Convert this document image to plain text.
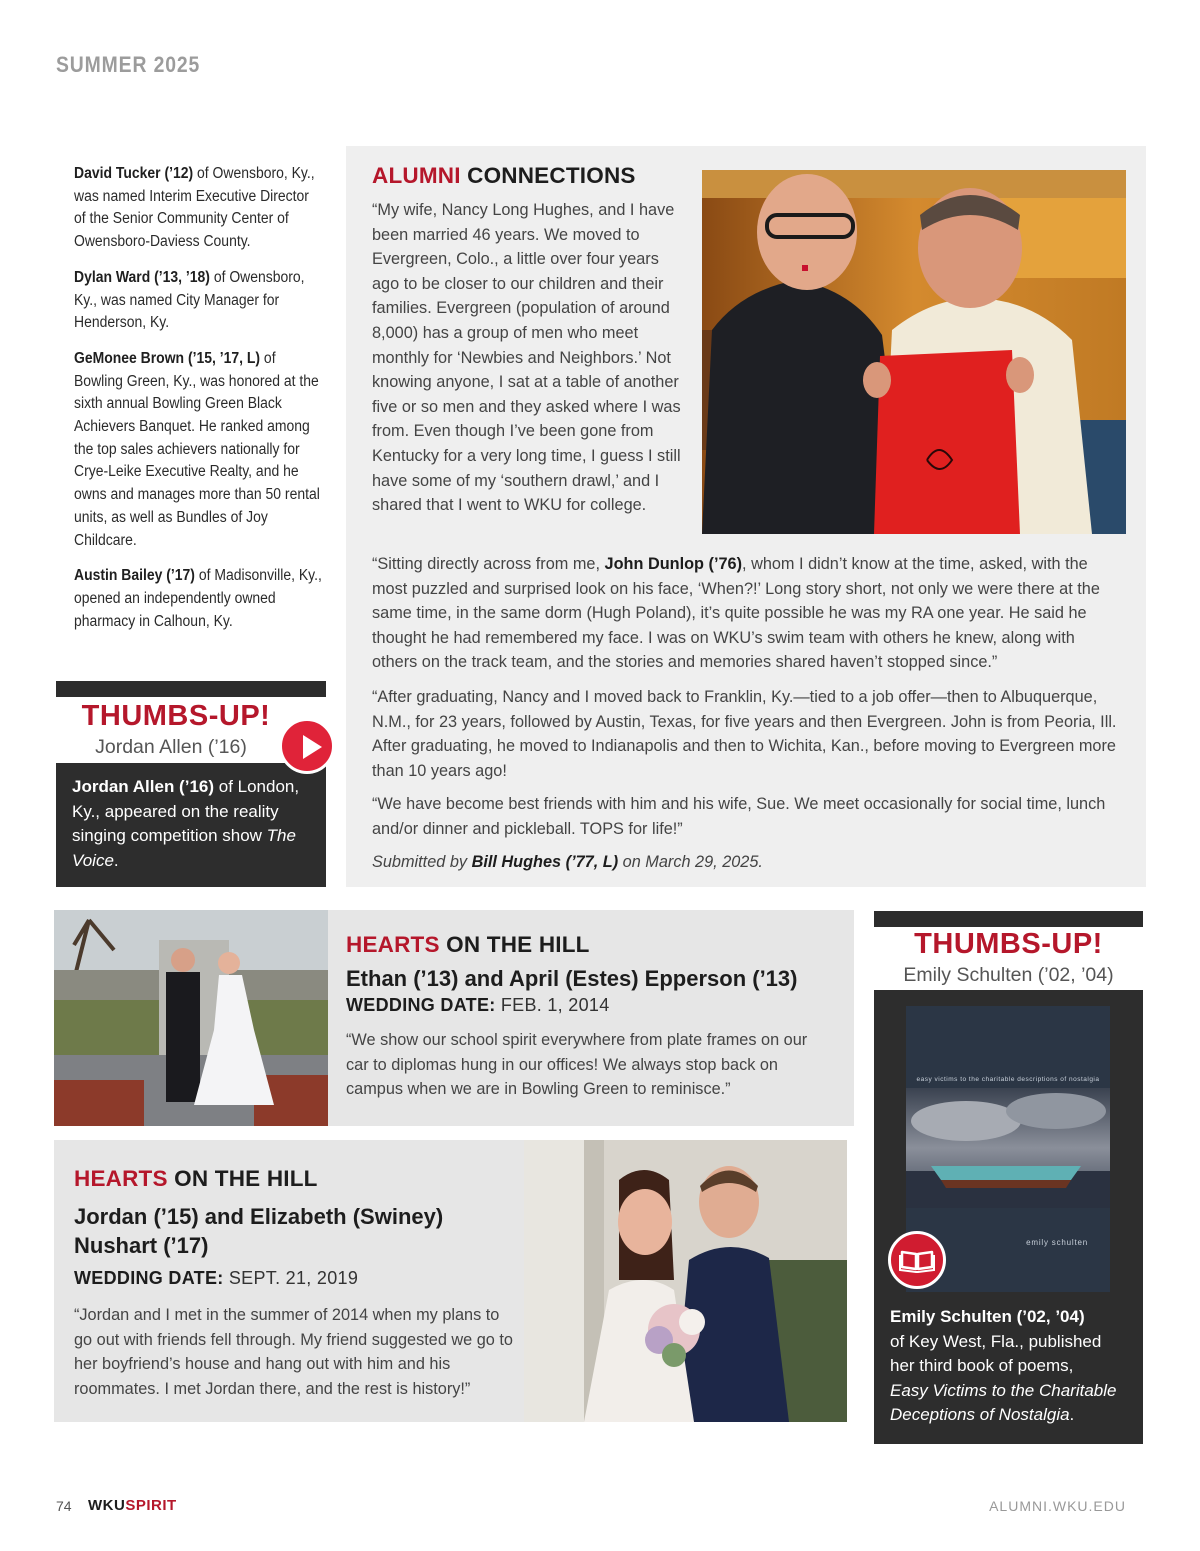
SUMMER 2025

David Tucker (’12) of Owensboro, Ky., was named Interim Executive Director of the Senior Community Center of Owensboro-Daviess County.

Dylan Ward (’13, ’18) of Owensboro, Ky., was named City Manager for Henderson, Ky.

GeMonee Brown (’15, ’17, L) of Bowling Green, Ky., was honored at the sixth annual Bowling Green Black Achievers Banquet. He ranked among the top sales achievers nationally for Crye-Leike Executive Realty, and he owns and manages more than 50 rental units, as well as Bundles of Joy Childcare.

Austin Bailey (’17) of Madisonville, Ky., opened an independently owned pharmacy in Calhoun, Ky.

THUMBS-UP!
Jordan Allen (’16)
Jordan Allen (’16) of London, Ky., appeared on the reality singing competition show The Voice.
ALUMNI CONNECTIONS
“My wife, Nancy Long Hughes, and I have been married 46 years. We moved to Evergreen, Colo., a little over four years ago to be closer to our children and their families. Evergreen (population of around 8,000) has a group of men who meet monthly for ‘Newbies and Neighbors.’ Not knowing anyone, I sat at a table of another five or so men and they asked where I was from. Even though I’ve been gone from Kentucky for a very long time, I guess I still have some of my ‘southern drawl,’ and I shared that I went to WKU for college.
“Sitting directly across from me, John Dunlop (’76), whom I didn’t know at the time, asked, with the most puzzled and surprised look on his face, ‘When?!’ Long story short, not only we were there at the same time, in the same dorm (Hugh Poland), it’s quite possible he was my RA one year. He said he thought he had remembered my face. I was on WKU’s swim team with others he knew, along with others on the track team, and the stories and memories shared haven’t stopped since.”
“After graduating, Nancy and I moved back to Franklin, Ky.—tied to a job offer—then to Albuquerque, N.M., for 23 years, followed by Austin, Texas, for five years and then Evergreen. John is from Peoria, Ill. After graduating, he moved to Indianapolis and then to Wichita, Kan., before moving to Evergreen more than 10 years ago!
“We have become best friends with him and his wife, Sue. We meet occasionally for social time, lunch and/or dinner and pickleball. TOPS for life!”
Submitted by Bill Hughes (’77, L) on March 29, 2025.
HEARTS ON THE HILL
Ethan (’13) and April (Estes) Epperson (’13)
WEDDING DATE: FEB. 1, 2014
“We show our school spirit everywhere from plate frames on our car to diplomas hung in our offices! We always stop back on campus when we are in Bowling Green to reminisce.”
HEARTS ON THE HILL
Jordan (’15) and Elizabeth (Swiney)
Nushart (’17)
WEDDING DATE: SEPT. 21, 2019
“Jordan and I met in the summer of 2014 when my plans to go out with friends fell through. My friend suggested we go to her boyfriend’s house and hang out with him and his roommates. I met Jordan there, and the rest is history!”
THUMBS-UP!
Emily Schulten (’02, ’04)
easy victims to the charitable descriptions of nostalgia
emily schulten
Emily Schulten (’02, ’04)
of Key West, Fla., published her third book of poems,
Easy Victims to the Charitable Deceptions of Nostalgia.
74 WKUSPIRIT	ALUMNI.WKU.EDU
